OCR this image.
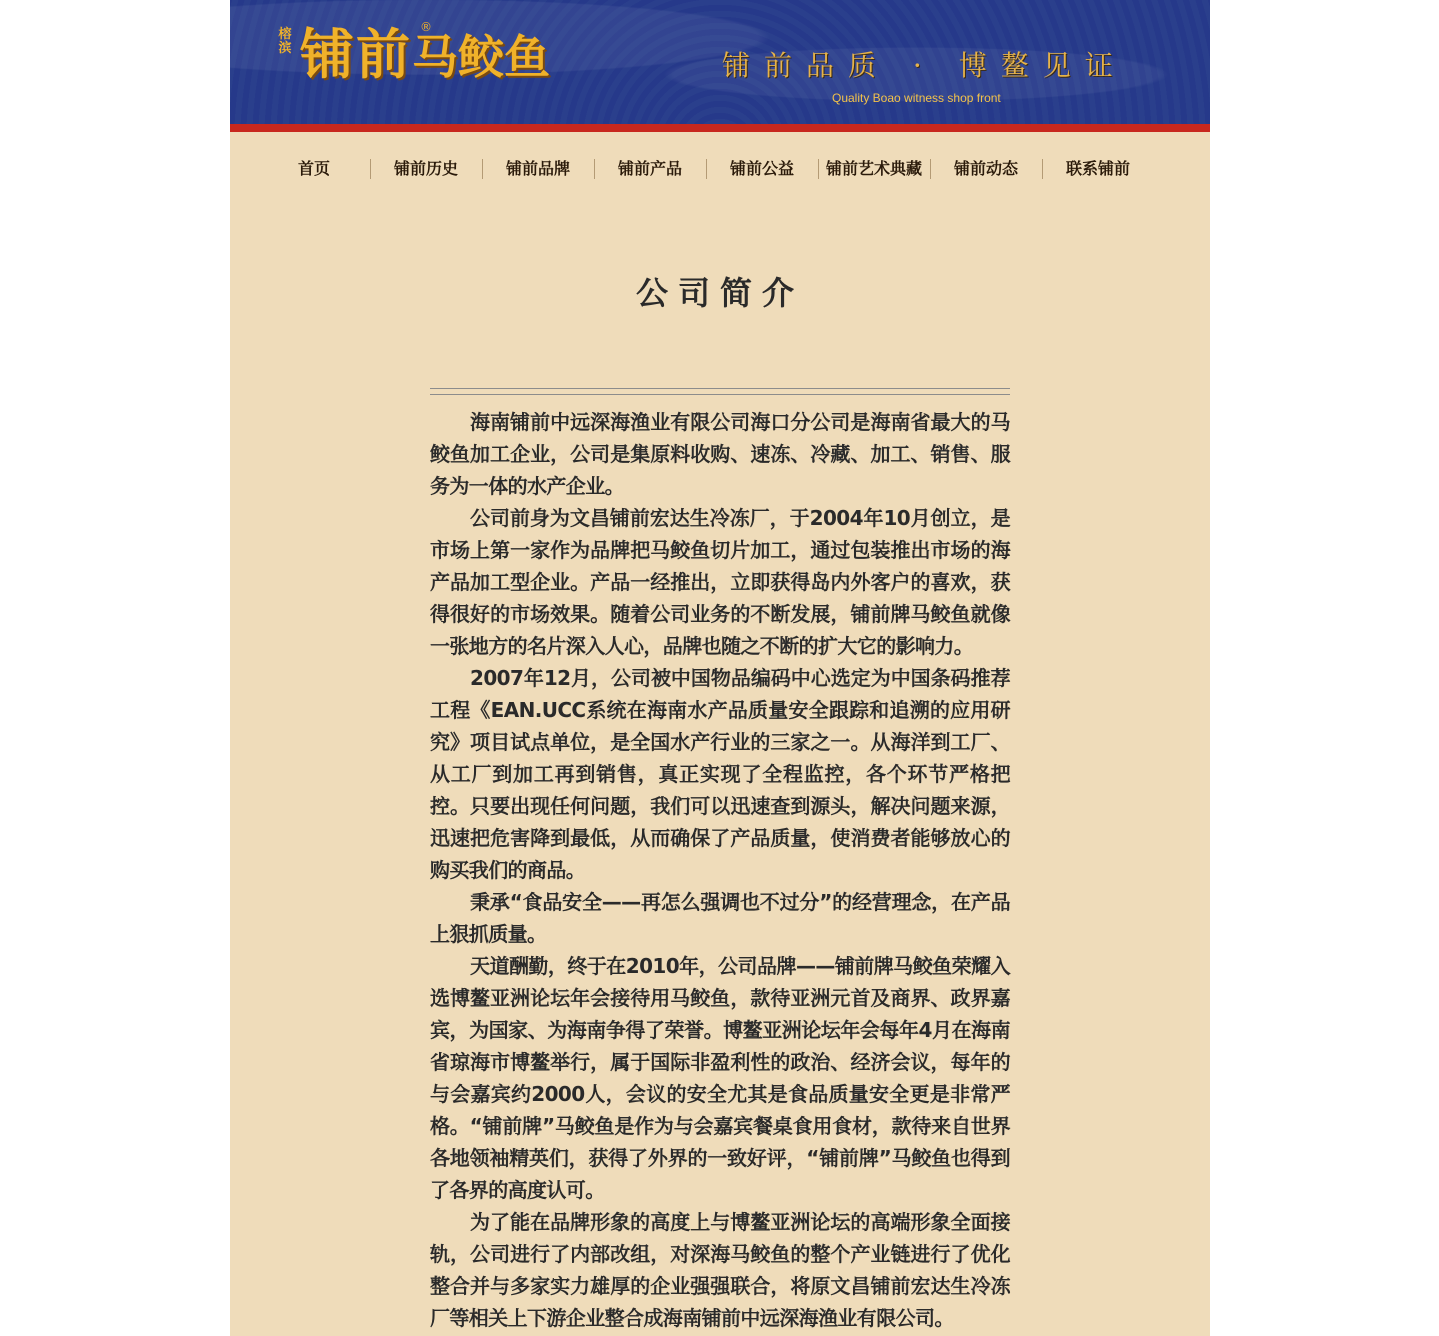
榕滨 铺前马鲛鱼
®
铺前品质 · 博鳌见证
Quality Boao witness shop front
首页	铺前历史	铺前品牌	铺前产品	铺前公益	铺前艺术典藏	铺前动态	联系铺前
公司简介

海南铺前中远深海渔业有限公司海口分公司是海南省最大的马鲛鱼加工企业，公司是集原料收购、速冻、冷藏、加工、销售、服务为一体的水产企业。

公司前身为文昌铺前宏达生冷冻厂，于2004年10月创立，是市场上第一家作为品牌把马鲛鱼切片加工，通过包装推出市场的海产品加工型企业。产品一经推出，立即获得岛内外客户的喜欢，获得很好的市场效果。随着公司业务的不断发展，铺前牌马鲛鱼就像一张地方的名片深入人心，品牌也随之不断的扩大它的影响力。

2007年12月，公司被中国物品编码中心选定为中国条码推荐工程《EAN.UCC系统在海南水产品质量安全跟踪和追溯的应用研究》项目试点单位，是全国水产行业的三家之一。从海洋到工厂、从工厂到加工再到销售，真正实现了全程监控，各个环节严格把控。只要出现任何问题，我们可以迅速查到源头，解决问题来源，迅速把危害降到最低，从而确保了产品质量，使消费者能够放心的购买我们的商品。

秉承“食品安全——再怎么强调也不过分”的经营理念，在产品上狠抓质量。

天道酬勤，终于在2010年，公司品牌——铺前牌马鲛鱼荣耀入选博鳌亚洲论坛年会接待用马鲛鱼，款待亚洲元首及商界、政界嘉宾，为国家、为海南争得了荣誉。博鳌亚洲论坛年会每年4月在海南省琼海市博鳌举行，属于国际非盈利性的政治、经济会议，每年的与会嘉宾约2000人，会议的安全尤其是食品质量安全更是非常严格。“铺前牌”马鲛鱼是作为与会嘉宾餐桌食用食材，款待来自世界各地领袖精英们，获得了外界的一致好评，“铺前牌”马鲛鱼也得到了各界的高度认可。

为了能在品牌形象的高度上与博鳌亚洲论坛的高端形象全面接轨，公司进行了内部改组，对深海马鲛鱼的整个产业链进行了优化整合并与多家实力雄厚的企业强强联合，将原文昌铺前宏达生冷冻厂等相关上下游企业整合成海南铺前中远深海渔业有限公司。
